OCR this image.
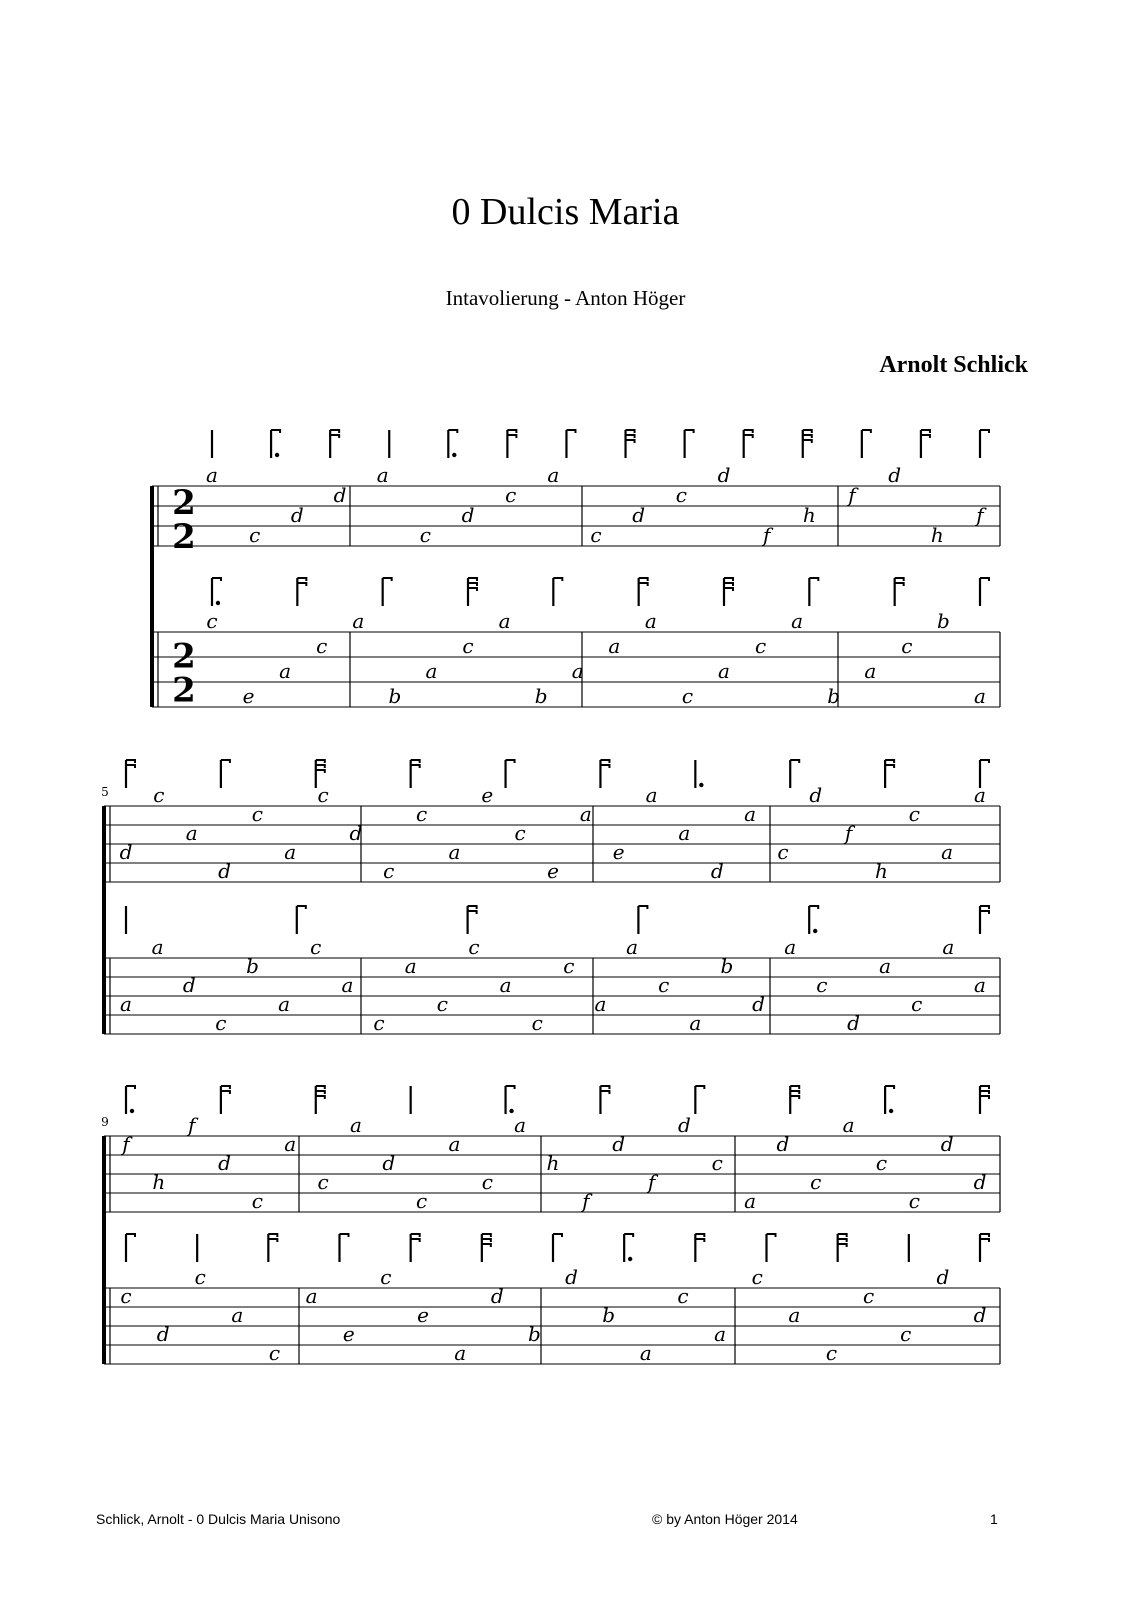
0 Dulcis Maria
Intavolierung - Anton Höger
Arnolt Schlick
2
2
2
2
a
c
d
d
a
c
d
c
a
c
d
c
d
f
h
f
d
h
f
c
e
a
c
a
b
a
c
a
b
a
a
a
c
a
c
a
b
a
c
b
a
5
d
c
a
d
c
a
c
d
c
c
a
e
c
e
a
e
a
a
d
a
c
d
f
h
c
a
a
a
a
d
c
b
a
c
a
c
a
c
c
a
c
c
a
a
c
a
b
d
a
c
d
a
c
a
a
9
f
h
f
d
c
a
c
a
d
c
a
c
a
h
f
d
f
d
c
a
d
c
a
c
c
d
d
c
d
c
a
c
a
e
c
e
a
d
b
d
b
a
c
a
c
a
c
c
c
d
d
Schlick, Arnolt - 0 Dulcis Maria Unisono	© by Anton Höger 2014	1
